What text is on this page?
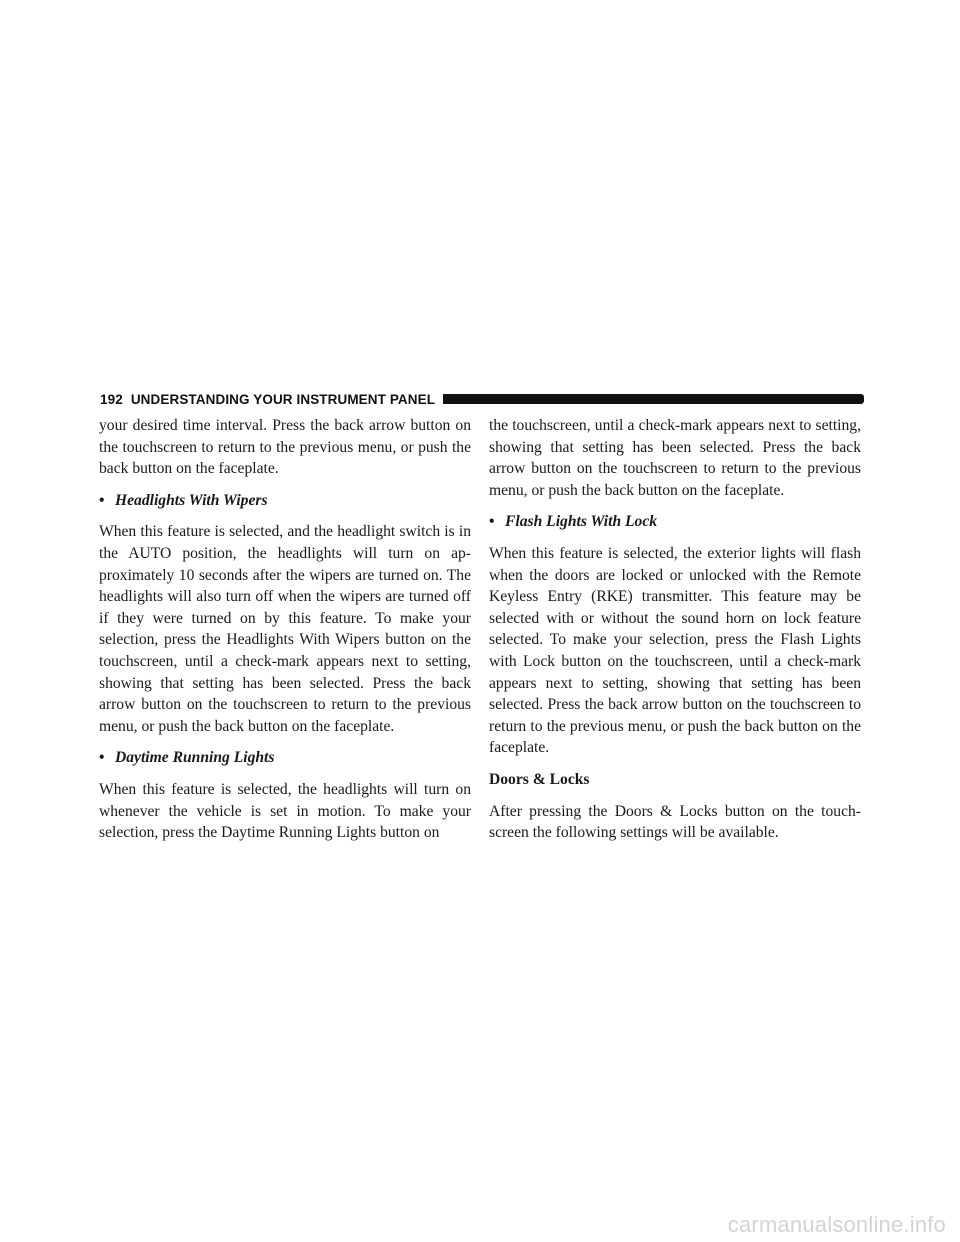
192 UNDERSTANDING YOUR INSTRUMENT PANEL

your desired time interval. Press the back arrow button on the touchscreen to return to the previous menu, or push the back button on the faceplate.

• Headlights With Wipers

When this feature is selected, and the headlight switch is in the AUTO position, the headlights will turn on approximately 10 seconds after the wipers are turned on. The headlights will also turn off when the wipers are turned off if they were turned on by this feature. To make your selection, press the Headlights With Wipers button on the touchscreen, until a check-mark appears next to setting, showing that setting has been selected. Press the back arrow button on the touchscreen to return to the previous menu, or push the back button on the faceplate.

• Daytime Running Lights

When this feature is selected, the headlights will turn on whenever the vehicle is set in motion. To make your selection, press the Daytime Running Lights button on

the touchscreen, until a check-mark appears next to setting, showing that setting has been selected. Press the back arrow button on the touchscreen to return to the previous menu, or push the back button on the faceplate.

• Flash Lights With Lock

When this feature is selected, the exterior lights will flash when the doors are locked or unlocked with the Remote Keyless Entry (RKE) transmitter. This feature may be selected with or without the sound horn on lock feature selected. To make your selection, press the Flash Lights with Lock button on the touchscreen, until a check-mark appears next to setting, showing that setting has been selected. Press the back arrow button on the touchscreen to return to the previous menu, or push the back button on the faceplate.

Doors & Locks

After pressing the Doors & Locks button on the touchscreen the following settings will be available.

carmanualsonline.info
